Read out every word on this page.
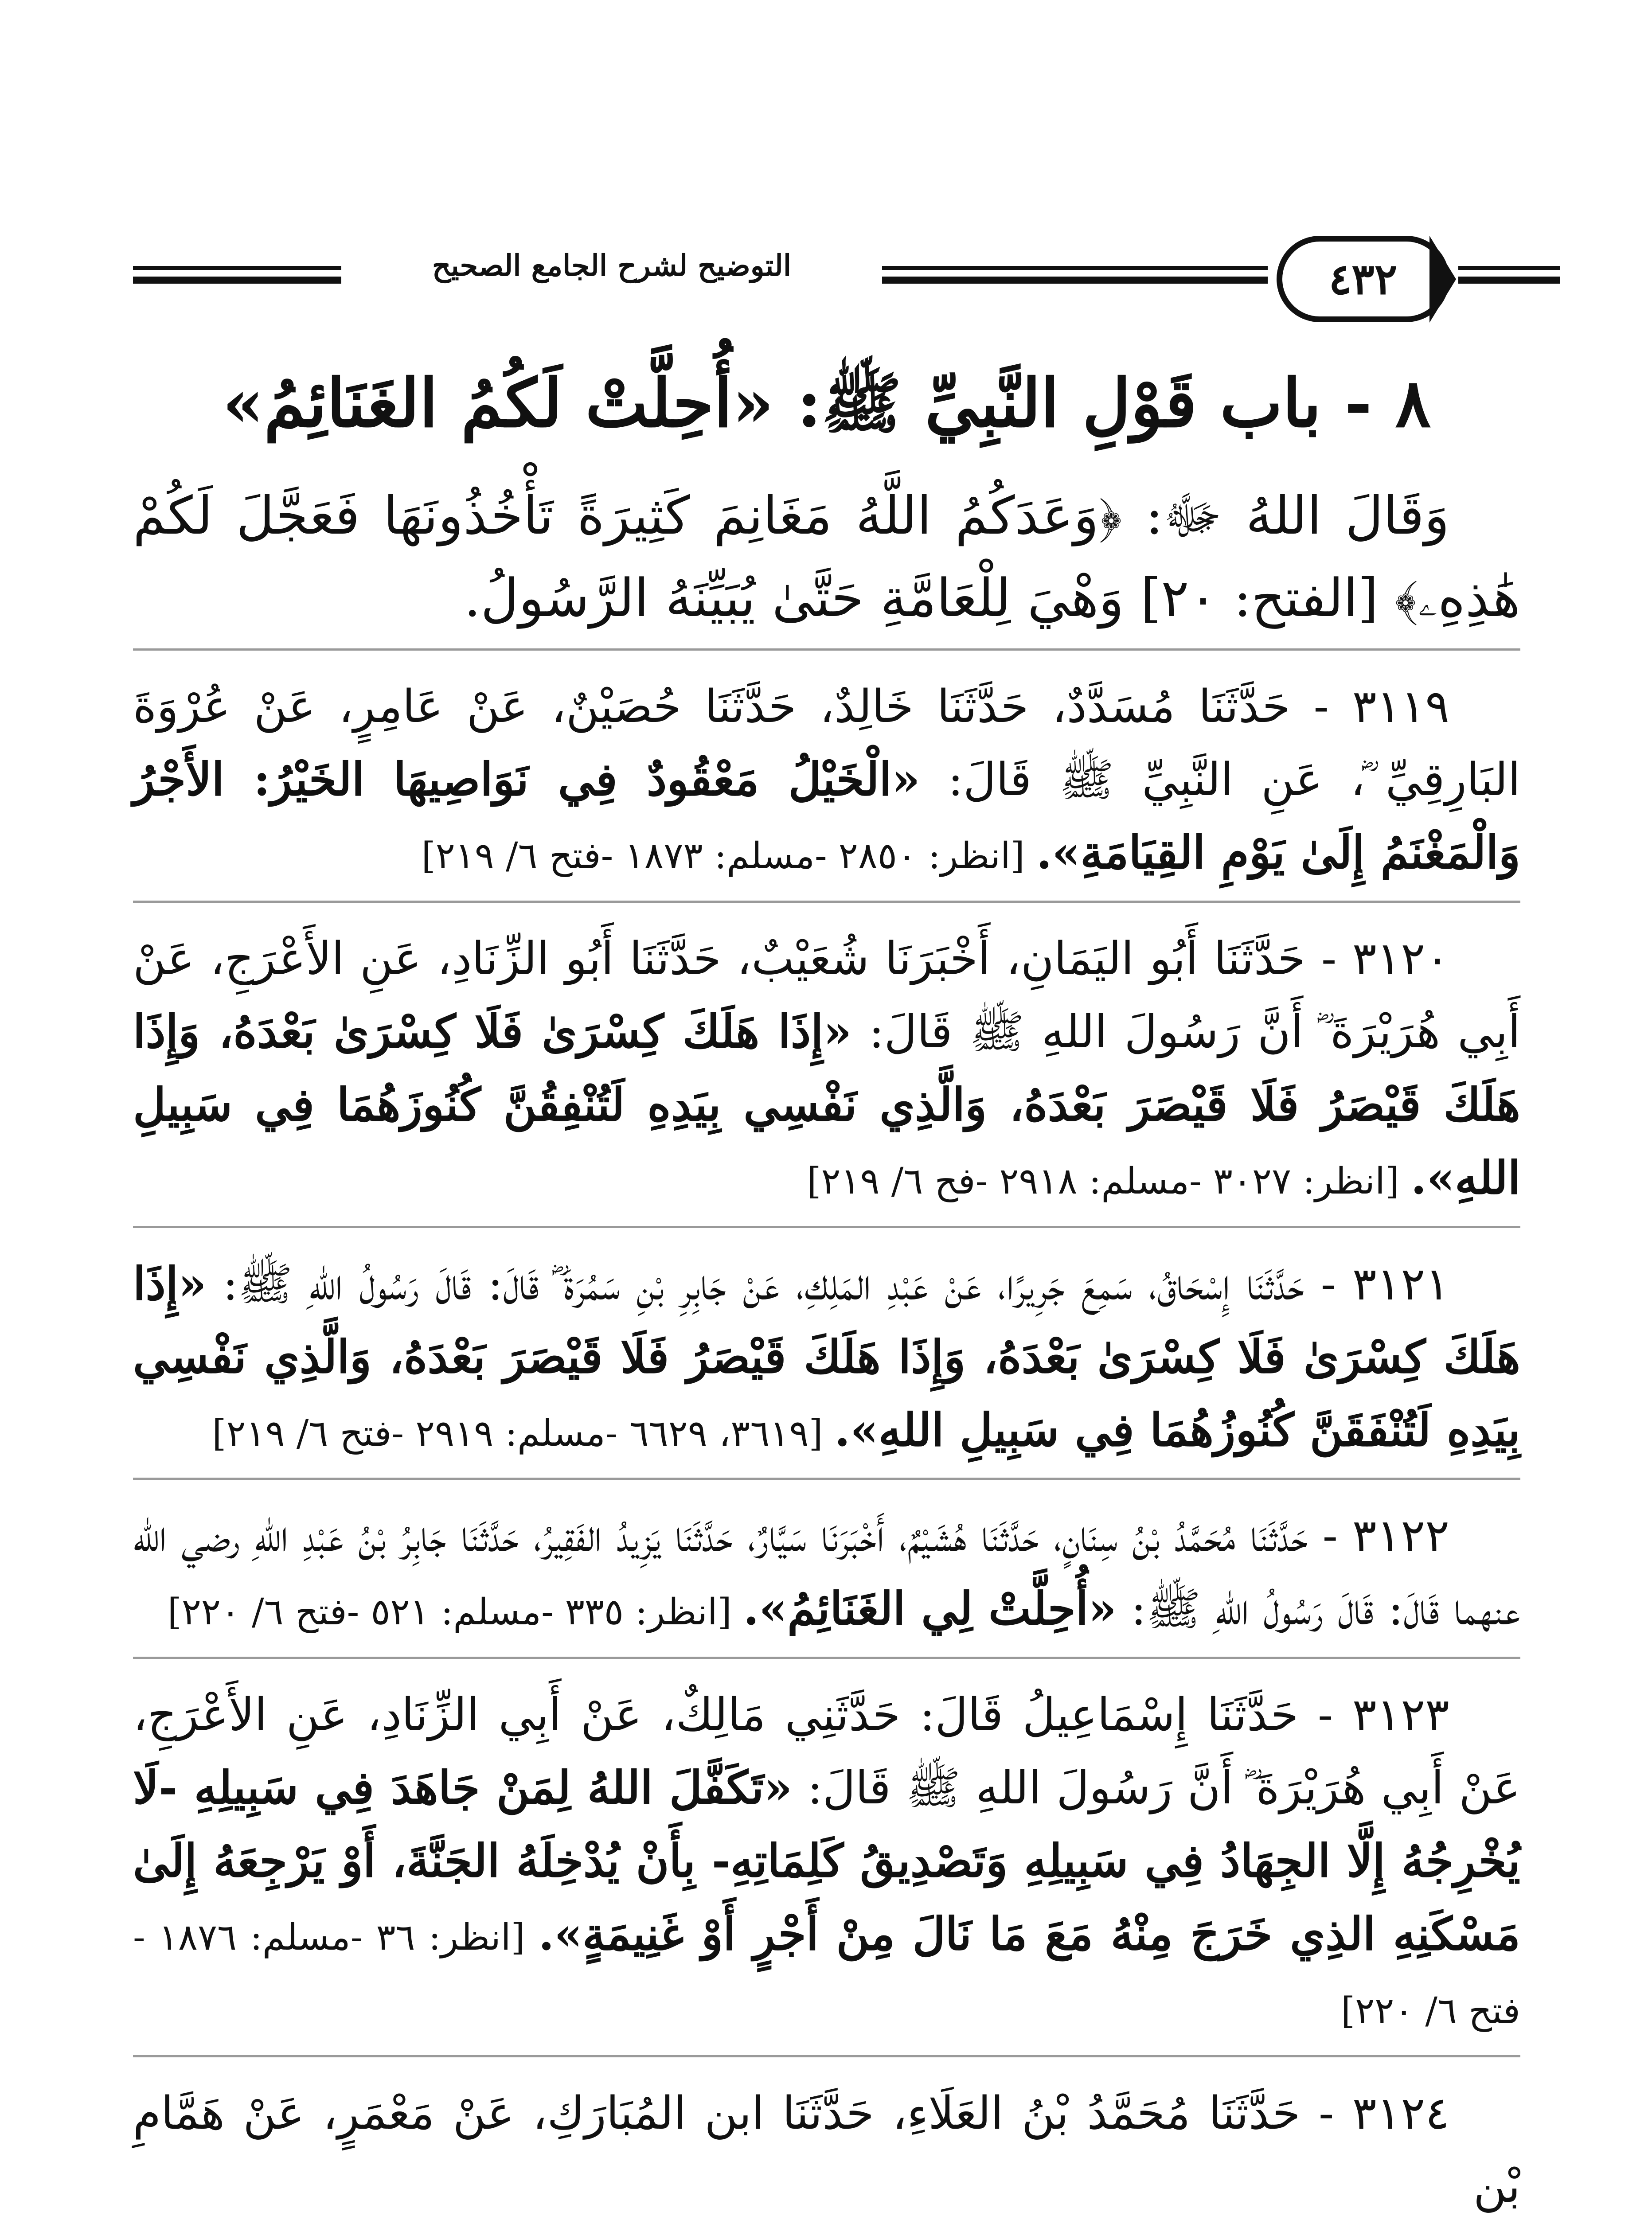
التوضيح لشرح الجامع الصحيح	٤٣٢
٨ - باب قَوْلِ النَّبِيِّ ﷺ: «أُحِلَّتْ لَكُمُ الغَنَائِمُ»

وَقَالَ اللهُ ﷻ: ﴿وَعَدَكُمُ اللَّهُ مَغَانِمَ كَثِيرَةً تَأْخُذُونَهَا فَعَجَّلَ لَكُمْ هَٰذِهِۦ﴾ [الفتح: ٢٠] وَهْيَ لِلْعَامَّةِ حَتَّىٰ يُبَيِّنَهُ الرَّسُولُ.

٣١١٩ - حَدَّثَنَا مُسَدَّدٌ، حَدَّثَنَا خَالِدٌ، حَدَّثَنَا حُصَيْنٌ، عَنْ عَامِرٍ، عَنْ عُرْوَةَ البَارِقِيِّ ؓ، عَنِ النَّبِيِّ ﷺ قَالَ: «الْخَيْلُ مَعْقُودٌ فِي نَوَاصِيهَا الخَيْرُ: الأَجْرُ وَالْمَغْنَمُ إِلَىٰ يَوْمِ القِيَامَةِ». [انظر: ٢٨٥٠ -مسلم: ١٨٧٣ -فتح ٦/ ٢١٩]

٣١٢٠ - حَدَّثَنَا أَبُو اليَمَانِ، أَخْبَرَنَا شُعَيْبٌ، حَدَّثَنَا أَبُو الزِّنَادِ، عَنِ الأَعْرَجِ، عَنْ أَبِي هُرَيْرَةَ ؓ أَنَّ رَسُولَ اللهِ ﷺ قَالَ: «إِذَا هَلَكَ كِسْرَىٰ فَلَا كِسْرَىٰ بَعْدَهُ، وَإِذَا هَلَكَ قَيْصَرُ فَلَا قَيْصَرَ بَعْدَهُ، وَالَّذِي نَفْسِي بِيَدِهِ لَتُنْفِقُنَّ كُنُوزَهُمَا فِي سَبِيلِ اللهِ». [انظر: ٣٠٢٧ -مسلم: ٢٩١٨ -فح ٦/ ٢١٩]

٣١٢١ - حَدَّثَنَا إِسْحَاقُ، سَمِعَ جَرِيرًا، عَنْ عَبْدِ المَلِكِ، عَنْ جَابِرِ بْنِ سَمُرَةَ ؓ قَالَ: قَالَ رَسُولُ اللهِ ﷺ: «إِذَا هَلَكَ كِسْرَىٰ فَلَا كِسْرَىٰ بَعْدَهُ، وَإِذَا هَلَكَ قَيْصَرُ فَلَا قَيْصَرَ بَعْدَهُ، وَالَّذِي نَفْسِي بِيَدِهِ لَتُنْفَقَنَّ كُنُوزُهُمَا فِي سَبِيلِ اللهِ». [٣٦١٩، ٦٦٢٩ -مسلم: ٢٩١٩ -فتح ٦/ ٢١٩]

٣١٢٢ - حَدَّثَنَا مُحَمَّدُ بْنُ سِنَانٍ، حَدَّثَنَا هُشَيْمٌ، أَخْبَرَنَا سَيَّارٌ، حَدَّثَنَا يَزِيدُ الفَقِيرُ، حَدَّثَنَا جَابِرُ بْنُ عَبْدِ اللهِ رضي الله عنهما قَالَ: قَالَ رَسُولُ اللهِ ﷺ: «أُحِلَّتْ لِي الغَنَائِمُ». [انظر: ٣٣٥ -مسلم: ٥٢١ -فتح ٦/ ٢٢٠]

٣١٢٣ - حَدَّثَنَا إِسْمَاعِيلُ قَالَ: حَدَّثَنِي مَالِكٌ، عَنْ أَبِي الزِّنَادِ، عَنِ الأَعْرَجِ، عَنْ أَبِي هُرَيْرَةَ ؓ أَنَّ رَسُولَ اللهِ ﷺ قَالَ: «تَكَفَّلَ اللهُ لِمَنْ جَاهَدَ فِي سَبِيلِهِ -لَا يُخْرِجُهُ إِلَّا الجِهَادُ فِي سَبِيلِهِ وَتَصْدِيقُ كَلِمَاتِهِ- بِأَنْ يُدْخِلَهُ الجَنَّةَ، أَوْ يَرْجِعَهُ إِلَىٰ مَسْكَنِهِ الذِي خَرَجَ مِنْهُ مَعَ مَا نَالَ مِنْ أَجْرٍ أَوْ غَنِيمَةٍ». [انظر: ٣٦ -مسلم: ١٨٧٦ - فتح ٦/ ٢٢٠]

٣١٢٤ - حَدَّثَنَا مُحَمَّدُ بْنُ العَلَاءِ، حَدَّثَنَا ابن المُبَارَكِ، عَنْ مَعْمَرٍ، عَنْ هَمَّامِ بْنِ
